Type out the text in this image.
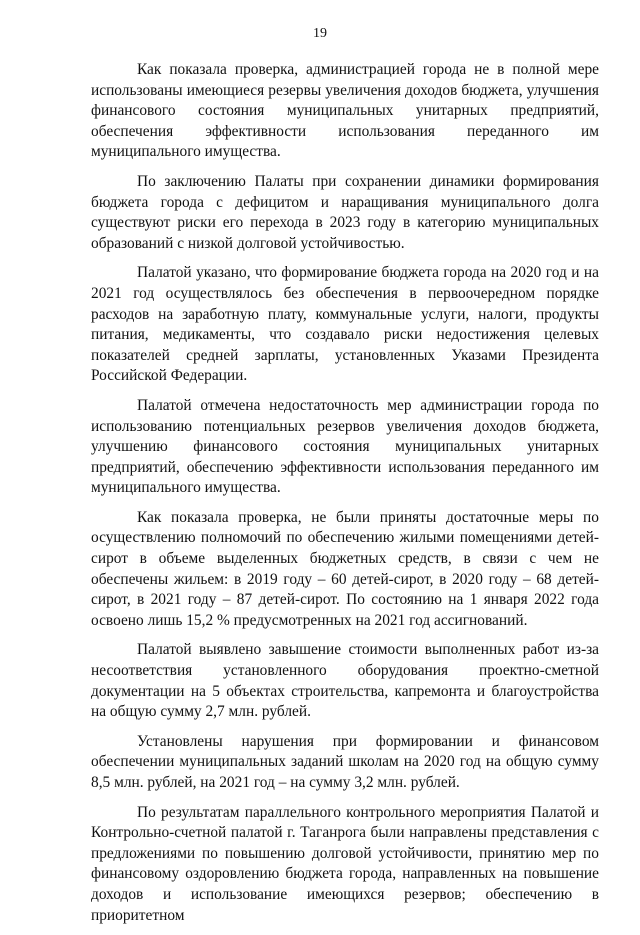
19

Как показала проверка, администрацией города не в полной мере использованы имеющиеся резервы увеличения доходов бюджета, улучшения финансового состояния муниципальных унитарных предприятий, обеспечения эффективности использования переданного им муниципального имущества.

По заключению Палаты при сохранении динамики формирования бюджета города с дефицитом и наращивания муниципального долга существуют риски его перехода в 2023 году в категорию муниципальных образований с низкой долговой устойчивостью.

Палатой указано, что формирование бюджета города на 2020 год и на 2021 год осуществлялось без обеспечения в первоочередном порядке расходов на заработную плату, коммунальные услуги, налоги, продукты питания, медикаменты, что создавало риски недостижения целевых показателей средней зарплаты, установленных Указами Президента Российской Федерации.

Палатой отмечена недостаточность мер администрации города по использованию потенциальных резервов увеличения доходов бюджета, улучшению финансового состояния муниципальных унитарных предприятий, обеспечению эффективности использования переданного им муниципального имущества.

Как показала проверка, не были приняты достаточные меры по осуществлению полномочий по обеспечению жилыми помещениями детей-сирот в объеме выделенных бюджетных средств, в связи с чем не обеспечены жильем: в 2019 году – 60 детей-сирот, в 2020 году – 68 детей-сирот, в 2021 году – 87 детей-сирот. По состоянию на 1 января 2022 года освоено лишь 15,2 % предусмотренных на 2021 год ассигнований.

Палатой выявлено завышение стоимости выполненных работ из-за несоответствия установленного оборудования проектно-сметной документации на 5 объектах строительства, капремонта и благоустройства на общую сумму 2,7 млн. рублей.

Установлены нарушения при формировании и финансовом обеспечении муниципальных заданий школам на 2020 год на общую сумму 8,5 млн. рублей, на 2021 год – на сумму 3,2 млн. рублей.

По результатам параллельного контрольного мероприятия Палатой и Контрольно-счетной палатой г. Таганрога были направлены представления с предложениями по повышению долговой устойчивости, принятию мер по финансовому оздоровлению бюджета города, направленных на повышение доходов и использование имеющихся резервов; обеспечению в приоритетном
